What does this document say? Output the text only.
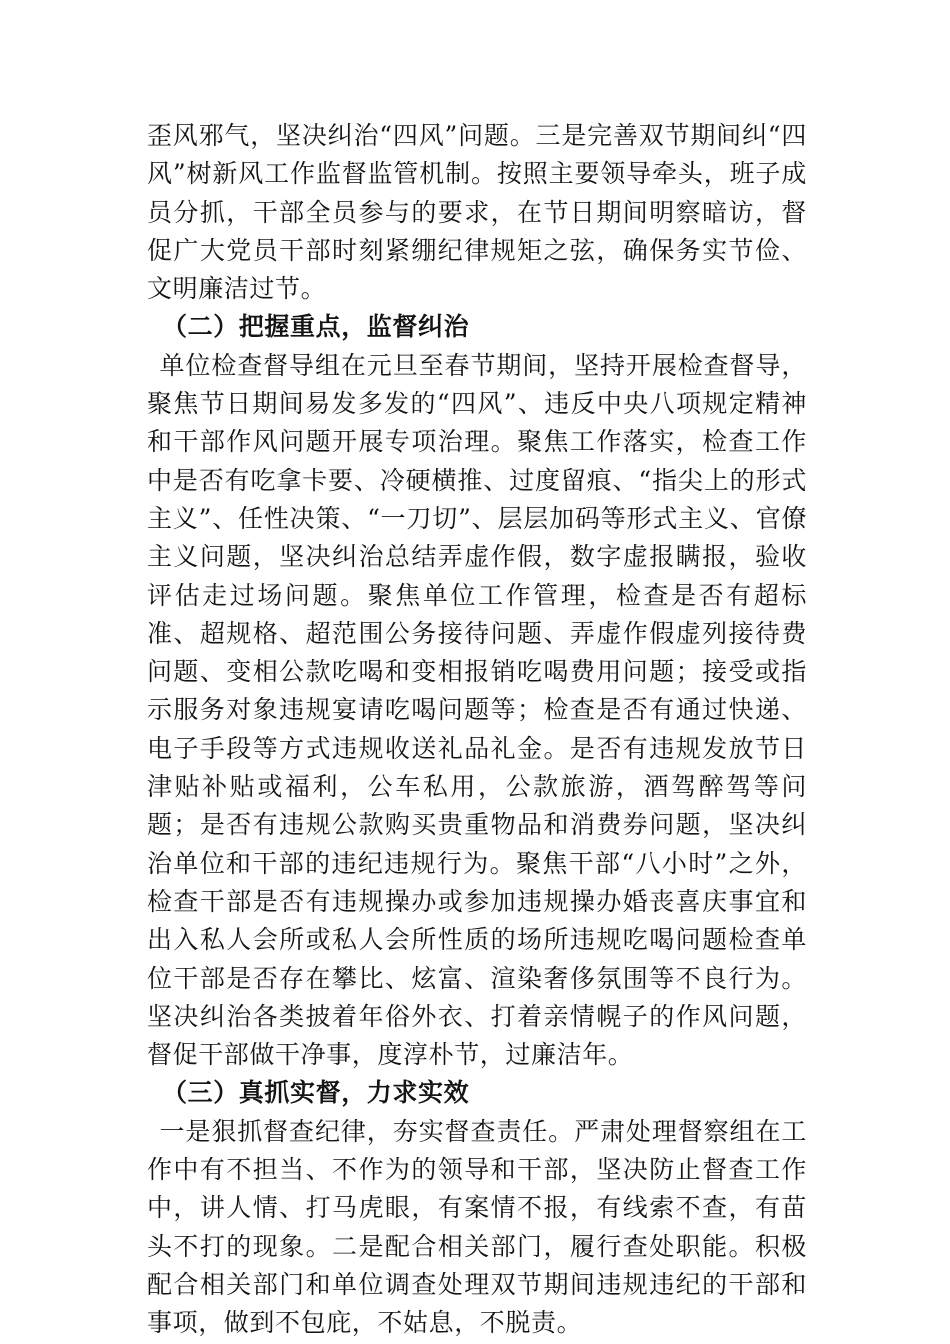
歪风邪气，坚决纠治“四风”问题。三是完善双节期间纠“四风”树新风工作监督监管机制。按照主要领导牵头，班子成员分抓，干部全员参与的要求，在节日期间明察暗访，督促广大党员干部时刻紧绷纪律规矩之弦，确保务实节俭、文明廉洁过节。

（二）把握重点，监督纠治

单位检查督导组在元旦至春节期间，坚持开展检查督导，聚焦节日期间易发多发的“四风”、违反中央八项规定精神和干部作风问题开展专项治理。聚焦工作落实，检查工作中是否有吃拿卡要、冷硬横推、过度留痕、“指尖上的形式主义”、任性决策、“一刀切”、层层加码等形式主义、官僚主义问题，坚决纠治总结弄虚作假，数字虚报瞒报，验收评估走过场问题。聚焦单位工作管理，检查是否有超标准、超规格、超范围公务接待问题、弄虚作假虚列接待费问题、变相公款吃喝和变相报销吃喝费用问题；接受或指示服务对象违规宴请吃喝问题等；检查是否有通过快递、电子手段等方式违规收送礼品礼金。是否有违规发放节日津贴补贴或福利，公车私用，公款旅游，酒驾醉驾等问题；是否有违规公款购买贵重物品和消费券问题，坚决纠治单位和干部的违纪违规行为。聚焦干部“八小时”之外，检查干部是否有违规操办或参加违规操办婚丧喜庆事宜和出入私人会所或私人会所性质的场所违规吃喝问题检查单位干部是否存在攀比、炫富、渲染奢侈氛围等不良行为。坚决纠治各类披着年俗外衣、打着亲情幌子的作风问题，督促干部做干净事，度淳朴节，过廉洁年。

（三）真抓实督，力求实效

一是狠抓督查纪律，夯实督查责任。严肃处理督察组在工作中有不担当、不作为的领导和干部，坚决防止督查工作中，讲人情、打马虎眼，有案情不报，有线索不查，有苗头不打的现象。二是配合相关部门，履行查处职能。积极配合相关部门和单位调查处理双节期间违规违纪的干部和事项，做到不包庇，不姑息，不脱责。
